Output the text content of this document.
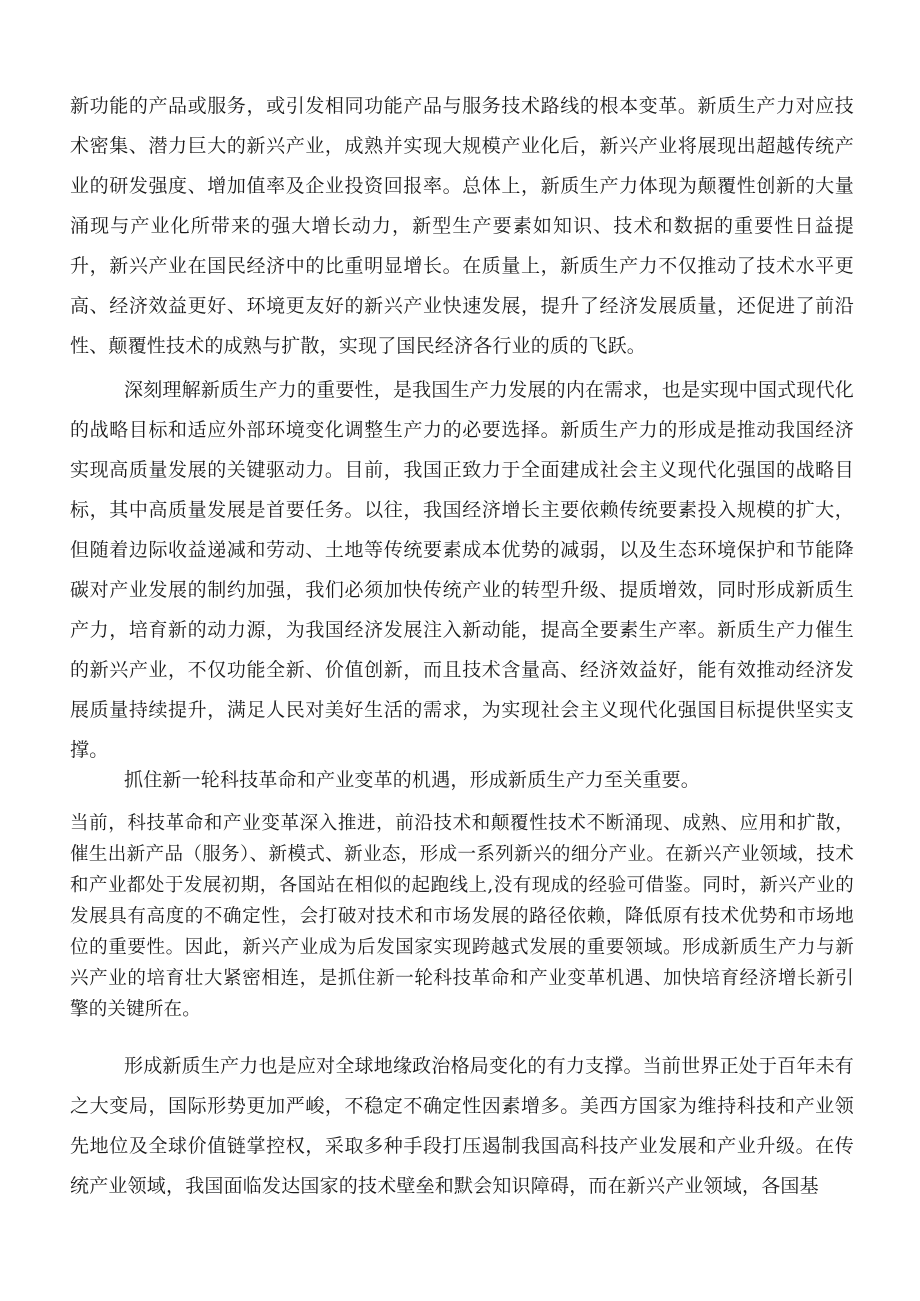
新功能的产品或服务，或引发相同功能产品与服务技术路线的根本变革。新质生产力对应技术密集、潜力巨大的新兴产业，成熟并实现大规模产业化后，新兴产业将展现出超越传统产业的研发强度、增加值率及企业投资回报率。总体上，新质生产力体现为颠覆性创新的大量涌现与产业化所带来的强大增长动力，新型生产要素如知识、技术和数据的重要性日益提升，新兴产业在国民经济中的比重明显增长。在质量上，新质生产力不仅推动了技术水平更高、经济效益更好、环境更友好的新兴产业快速发展，提升了经济发展质量，还促进了前沿性、颠覆性技术的成熟与扩散，实现了国民经济各行业的质的飞跃。

深刻理解新质生产力的重要性，是我国生产力发展的内在需求，也是实现中国式现代化的战略目标和适应外部环境变化调整生产力的必要选择。新质生产力的形成是推动我国经济实现高质量发展的关键驱动力。目前，我国正致力于全面建成社会主义现代化强国的战略目标，其中高质量发展是首要任务。以往，我国经济增长主要依赖传统要素投入规模的扩大，但随着边际收益递减和劳动、土地等传统要素成本优势的减弱，以及生态环境保护和节能降碳对产业发展的制约加强，我们必须加快传统产业的转型升级、提质增效，同时形成新质生产力，培育新的动力源，为我国经济发展注入新动能，提高全要素生产率。新质生产力催生的新兴产业，不仅功能全新、价值创新，而且技术含量高、经济效益好，能有效推动经济发展质量持续提升，满足人民对美好生活的需求，为实现社会主义现代化强国目标提供坚实支撑。

抓住新一轮科技革命和产业变革的机遇，形成新质生产力至关重要。

当前，科技革命和产业变革深入推进，前沿技术和颠覆性技术不断涌现、成熟、应用和扩散，催生出新产品（服务）、新模式、新业态，形成一系列新兴的细分产业。在新兴产业领域，技术和产业都处于发展初期，各国站在相似的起跑线上,没有现成的经验可借鉴。同时，新兴产业的发展具有高度的不确定性，会打破对技术和市场发展的路径依赖，降低原有技术优势和市场地位的重要性。因此，新兴产业成为后发国家实现跨越式发展的重要领域。形成新质生产力与新兴产业的培育壮大紧密相连，是抓住新一轮科技革命和产业变革机遇、加快培育经济增长新引擎的关键所在。

形成新质生产力也是应对全球地缘政治格局变化的有力支撑。当前世界正处于百年未有之大变局，国际形势更加严峻，不稳定不确定性因素增多。美西方国家为维持科技和产业领先地位及全球价值链掌控权，采取多种手段打压遏制我国高科技产业发展和产业升级。在传统产业领域，我国面临发达国家的技术壁垒和默会知识障碍，而在新兴产业领域，各国基
